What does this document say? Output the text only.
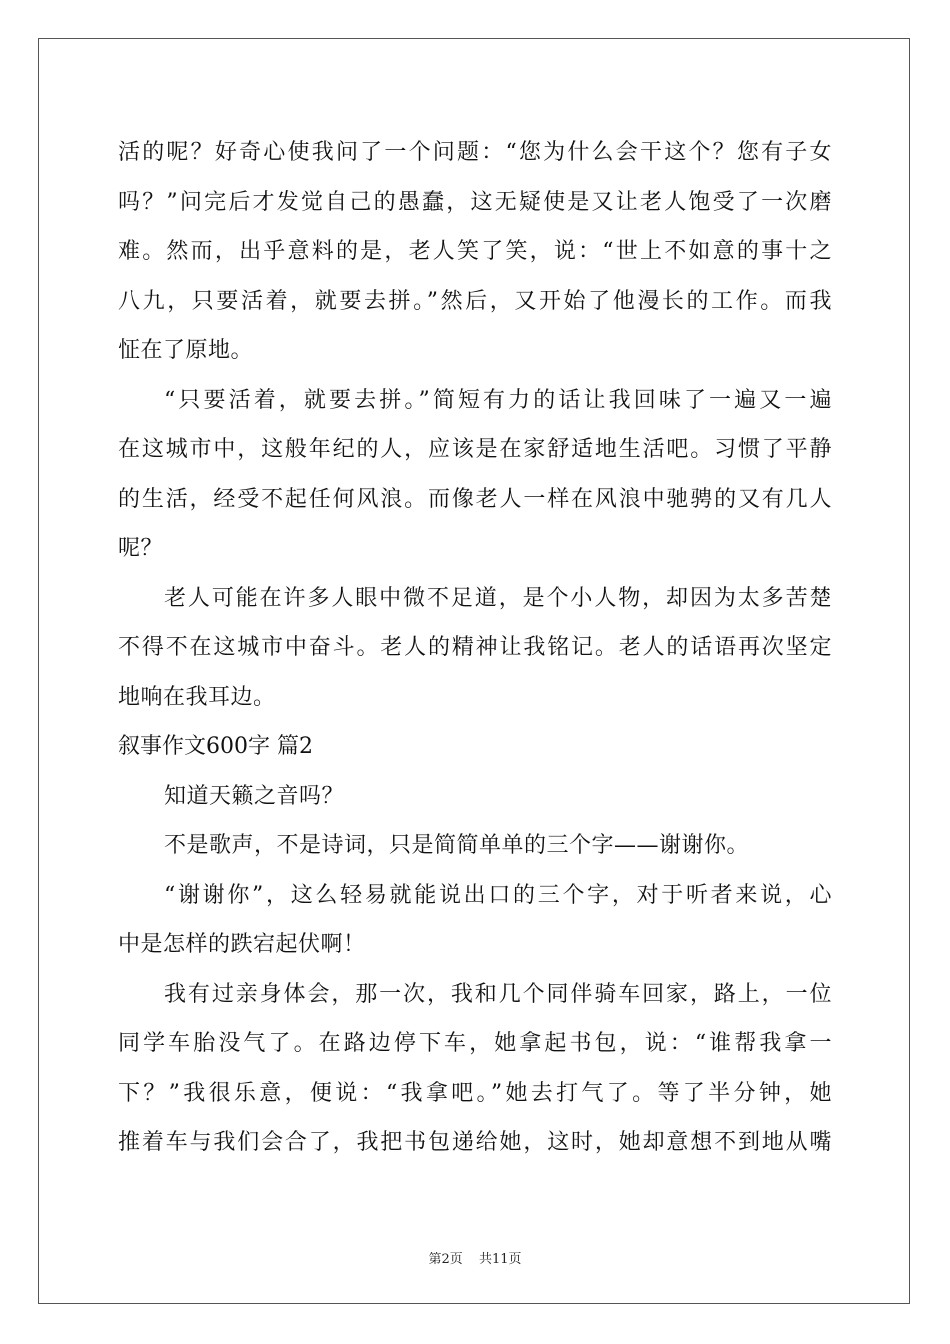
活的呢？好奇心使我问了一个问题：“您为什么会干这个？您有子女
吗？”问完后才发觉自己的愚蠢，这无疑使是又让老人饱受了一次磨
难。然而，出乎意料的是，老人笑了笑，说：“世上不如意的事十之
八九，只要活着，就要去拼。”然后，又开始了他漫长的工作。而我
怔在了原地。
“只要活着，就要去拼。”简短有力的话让我回味了一遍又一遍
在这城市中，这般年纪的人，应该是在家舒适地生活吧。习惯了平静
的生活，经受不起任何风浪。而像老人一样在风浪中驰骋的又有几人
呢？
老人可能在许多人眼中微不足道，是个小人物，却因为太多苦楚
不得不在这城市中奋斗。老人的精神让我铭记。老人的话语再次坚定
地响在我耳边。
叙事作文600字 篇2
知道天籁之音吗？
不是歌声，不是诗词，只是简简单单的三个字——谢谢你。
“谢谢你”，这么轻易就能说出口的三个字，对于听者来说，心
中是怎样的跌宕起伏啊！
我有过亲身体会，那一次，我和几个同伴骑车回家，路上，一位
同学车胎没气了。在路边停下车，她拿起书包，说：“谁帮我拿一
下？”我很乐意，便说：“我拿吧。”她去打气了。等了半分钟，她
推着车与我们会合了，我把书包递给她，这时，她却意想不到地从嘴
第2页 共11页
